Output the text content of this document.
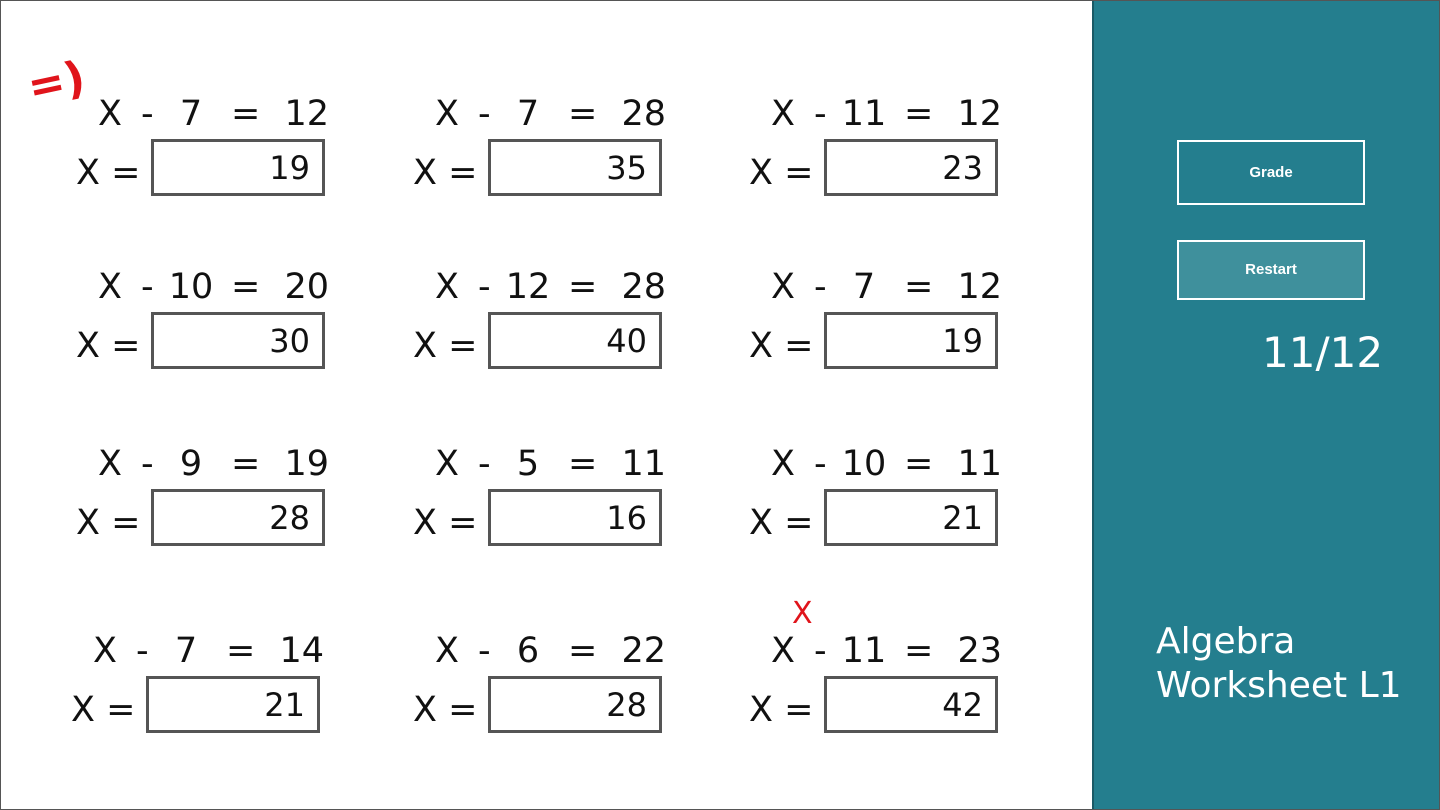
=)
X - 7 = 12
X =
X - 7 = 28
X =
X - 11 = 12
X =
X - 10 = 20
X =
X - 12 = 28
X =
X - 7 = 12
X =
X - 9 = 19
X =
X - 5 = 11
X =
X - 10 = 11
X =
X - 7 = 14
X =
X - 6 = 22
X =
X - 11 = 23
X =
19
35
23
30
40
19
28
16
21
21
28
42
X
Grade
Restart
11/12
Algebra
Worksheet L1
